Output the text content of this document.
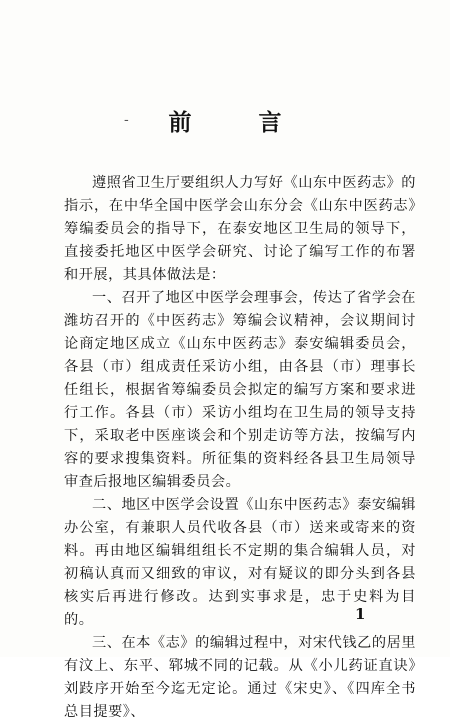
-	前　言

遵照省卫生厅要组织人力写好《山东中医药志》的指示，在中华全国中医学会山东分会《山东中医药志》筹编委员会的指导下，在泰安地区卫生局的领导下，直接委托地区中医学会研究、讨论了编写工作的布署和开展，其具体做法是：

一、召开了地区中医学会理事会，传达了省学会在潍坊召开的《中医药志》筹编会议精神，会议期间讨论商定地区成立《山东中医药志》泰安编辑委员会，各县（市）组成责任采访小组，由各县（市）理事长任组长，根据省筹编委员会拟定的编写方案和要求进行工作。各县（市）采访小组均在卫生局的领导支持下，采取老中医座谈会和个别走访等方法，按编写内容的要求搜集资料。所征集的资料经各县卫生局领导审查后报地区编辑委员会。

二、地区中医学会设置《山东中医药志》泰安编辑办公室，有兼职人员代收各县（市）送来或寄来的资料。再由地区编辑组组长不定期的集合编辑人员，对初稿认真而又细致的审议，对有疑议的即分头到各县核实后再进行修改。达到实事求是，忠于史料为目的。

三、在本《志》的编辑过程中，对宋代钱乙的居里有汶上、东平、郓城不同的记载。从《小儿药证直诀》刘跂序开始至今迄无定论。通过《宋史》、《四库全书总目提要》、

1
